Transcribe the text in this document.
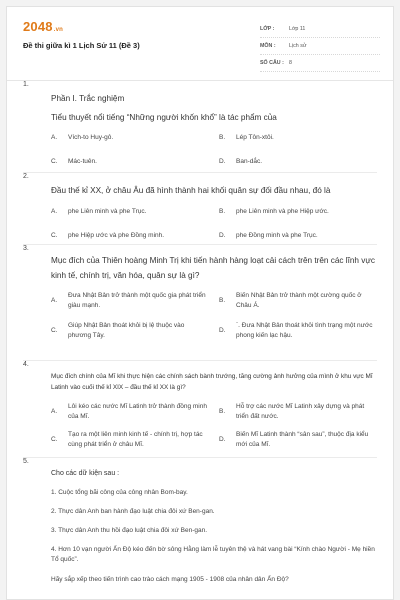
2048.vn
Đề thi giữa kì 1 Lịch Sử 11 (Đề 3)
LỚP :	Lớp 11
MÔN :	Lịch sử
SỐ CÂU : 8
1.
Phần I. Trắc nghiệm
Tiểu thuyết nổi tiếng “Những người khốn khổ” là tác phẩm của
A.	Vích-to Huy-gô.	B.	Lép Tôn-xtôi.
C.	Mác-tuên.	D.	Ban-dắc.
2.
Đầu thế kỉ XX, ở châu Âu đã hình thành hai khối quân sự đối đầu nhau, đó là
A.	phe Liên minh và phe Trục.	B.	phe Liên minh và phe Hiệp ước.
C.	phe Hiệp ước và phe Đồng minh.	D.	phe Đồng minh và phe Trục.
3.
Mục đích của Thiên hoàng Minh Trị khi tiến hành hàng loạt cải cách trên trên các lĩnh vực kinh tế, chính trị, văn hóa, quân sự là gì?
A.
Đưa Nhật Bản trở thành một quốc gia phát triển giàu mạnh.
B.
Biến Nhật Bản trở thành một cường quốc ở Châu Á.
C.
Giúp Nhật Bản thoát khỏi bị lệ thuộc vào phương Tây.
D.
`. Đưa Nhật Bản thoát khỏi tình trạng một nước phong kiến lạc hậu.
4.
Mục đích chính của Mĩ khi thực hiện các chính sách bành trướng, tăng cường ảnh hưởng của mình ở khu vực Mĩ Latinh vào cuối thế kỉ XIX – đầu thế kỉ XX là gì?
A.
Lôi kéo các nước Mĩ Latinh trở thành đồng minh của Mĩ.
B.
Hỗ trợ các nước Mĩ Latinh xây dựng và phát triển đất nước.
C.
Tạo ra một liên minh kinh tế - chính trị, hợp tác cùng phát triển ở châu Mĩ.
D.
Biến Mĩ Latinh thành “sân sau”, thuộc địa kiểu mới của Mĩ.
5.
Cho các dữ kiện sau :
1. Cuộc tổng bãi công của công nhân Bom-bay.
2. Thực dân Anh ban hành đạo luật chia đôi xứ Ben-gan.
3. Thực dân Anh thu hồi đạo luật chia đôi xứ Ben-gan.
4. Hơn 10 vạn người Ấn Độ kéo đến bờ sông Hằng làm lễ tuyên thệ và hát vang bài “Kính chào Người - Mẹ hiền Tổ quốc”.
Hãy sắp xếp theo tiến trình cao trào cách mạng 1905 - 1908 của nhân dân Ấn Độ?
